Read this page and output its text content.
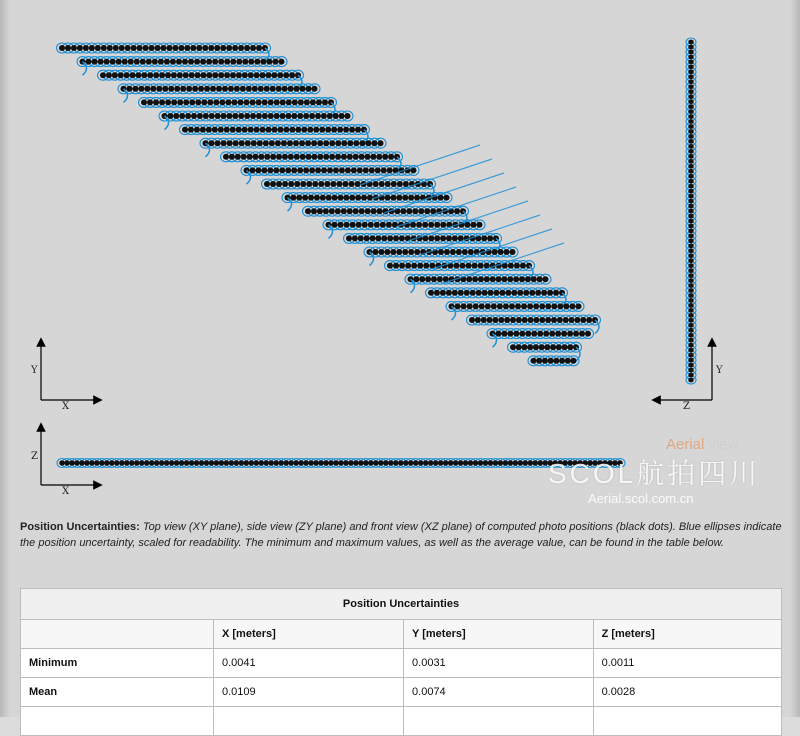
X
Y
Z
Y
X
Z
Aerial view
SCOL航拍四川
Aerial.scol.com.cn
Position Uncertainties: Top view (XY plane), side view (ZY plane) and front view (XZ plane) of computed photo positions (black dots). Blue ellipses indicate the position uncertainty, scaled for readability. The minimum and maximum values, as well as the average value, can be found in the table below.
Position Uncertainties			
	X [meters]	Y [meters]	Z [meters]
Minimum	0.0041	0.0031	0.0011
Mean	0.0109	0.0074	0.0028
